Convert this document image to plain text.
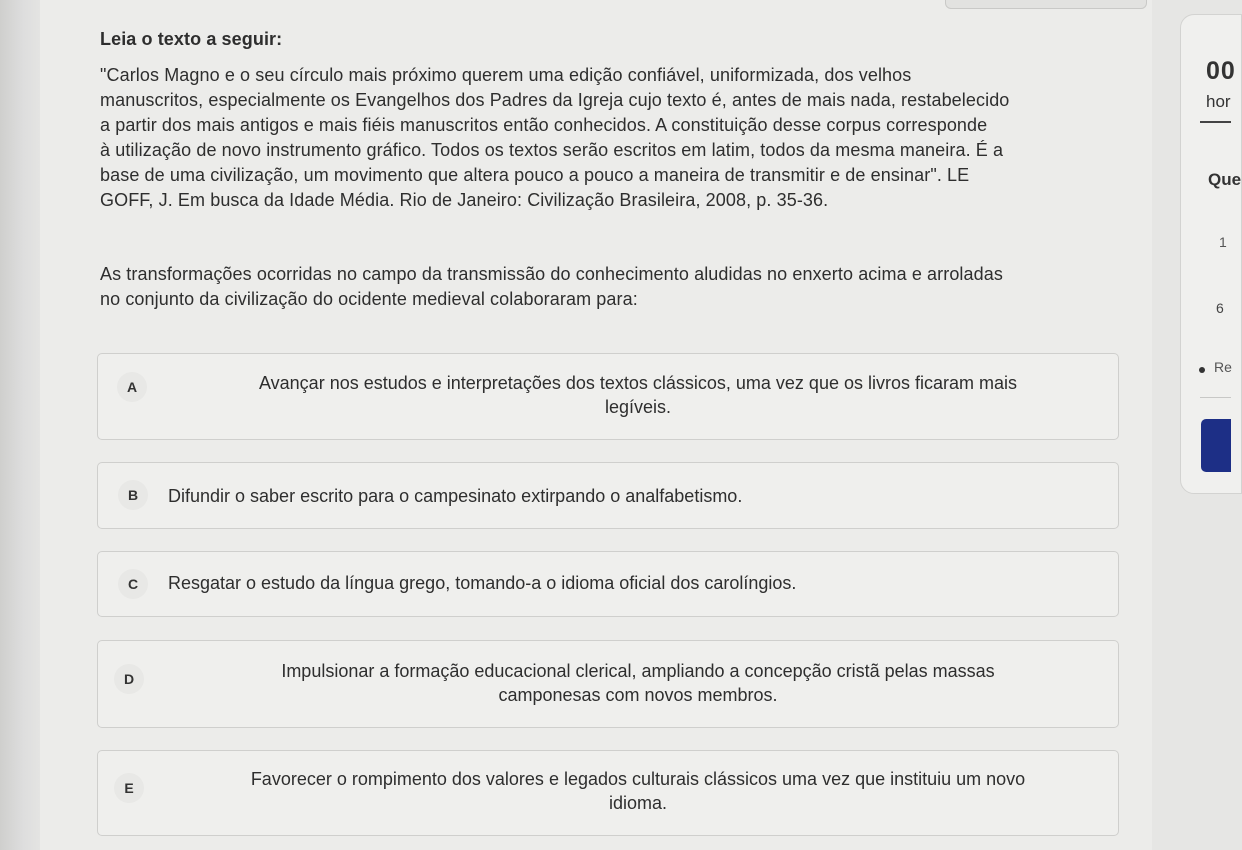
Leia o texto a seguir:
"Carlos Magno e o seu círculo mais próximo querem uma edição confiável, uniformizada, dos velhos
manuscritos, especialmente os Evangelhos dos Padres da Igreja cujo texto é, antes de mais nada, restabelecido
a partir dos mais antigos e mais fiéis manuscritos então conhecidos. A constituição desse corpus corresponde
à utilização de novo instrumento gráfico. Todos os textos serão escritos em latim, todos da mesma maneira. É a
base de uma civilização, um movimento que altera pouco a pouco a maneira de transmitir e de ensinar". LE
GOFF, J. Em busca da Idade Média. Rio de Janeiro: Civilização Brasileira, 2008, p. 35-36.
As transformações ocorridas no campo da transmissão do conhecimento aludidas no enxerto acima e arroladas
no conjunto da civilização do ocidente medieval colaboraram para:
A	Avançar nos estudos e interpretações dos textos clássicos, uma vez que os livros ficaram mais
legíveis.
B	Difundir o saber escrito para o campesinato extirpando o analfabetismo.
C	Resgatar o estudo da língua grego, tomando-a o idioma oficial dos carolíngios.
D	Impulsionar a formação educacional clerical, ampliando a concepção cristã pelas massas
camponesas com novos membros.
E	Favorecer o rompimento dos valores e legados culturais clássicos uma vez que instituiu um novo
idioma.
00
hor
Que
1
6
Re
